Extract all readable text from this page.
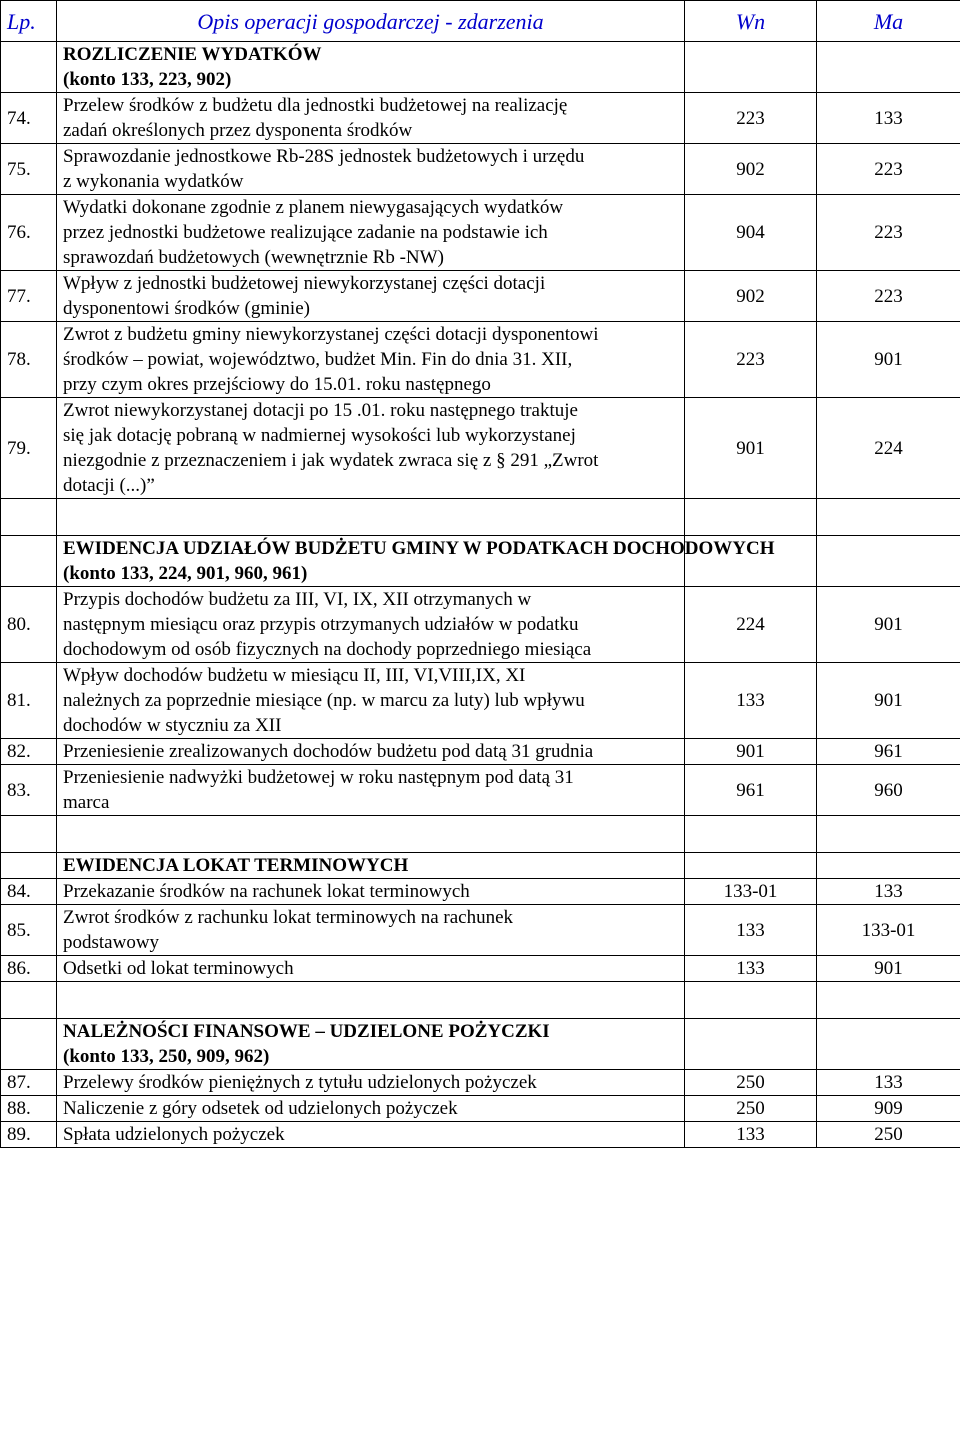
Lp.	Opis operacji gospodarczej - zdarzenia	Wn	Ma

	ROZLICZENIE WYDATKÓW
(konto 133, 223, 902)		

74.	Przelew środków z budżetu dla jednostki budżetowej na realizację
zadań określonych przez dysponenta środków	223	133
75.	Sprawozdanie jednostkowe Rb-28S jednostek budżetowych i urzędu
z wykonania wydatków	902	223
76.	Wydatki dokonane zgodnie z planem niewygasających wydatków
przez jednostki budżetowe realizujące zadanie na podstawie ich
sprawozdań budżetowych (wewnętrznie Rb -NW)	904	223
77.	Wpływ z jednostki budżetowej niewykorzystanej części dotacji
dysponentowi środków (gminie)	902	223
78.	Zwrot z budżetu gminy niewykorzystanej części dotacji dysponentowi
środków – powiat, województwo, budżet Min. Fin do dnia 31. XII,
przy czym okres przejściowy do 15.01. roku następnego	223	901
79.	Zwrot niewykorzystanej dotacji po 15 .01. roku następnego traktuje
się jak dotację pobraną w nadmiernej wysokości lub wykorzystanej
niezgodnie z przeznaczeniem i jak wydatek zwraca się z § 291 „Zwrot
dotacji (...)”	901	224

	EWIDENCJA UDZIAŁÓW BUDŻETU GMINY W PODATKACH DOCHODOWYCH
(konto 133, 224, 901, 960, 961)		

80.	Przypis dochodów budżetu za III, VI, IX, XII otrzymanych w
następnym miesiącu oraz przypis otrzymanych udziałów w podatku
dochodowym od osób fizycznych na dochody poprzedniego miesiąca	224	901
81.	Wpływ dochodów budżetu w miesiącu II, III, VI,VIII,IX, XI
należnych za poprzednie miesiące (np. w marcu za luty) lub wpływu
dochodów w styczniu za XII	133	901
82.	Przeniesienie zrealizowanych dochodów budżetu pod datą 31 grudnia	901	961
83.	Przeniesienie nadwyżki budżetowej w roku następnym pod datą 31
marca	961	960

	EWIDENCJA LOKAT TERMINOWYCH		

84.	Przekazanie środków na rachunek lokat terminowych	133-01	133
85.	Zwrot środków z rachunku lokat terminowych na rachunek
podstawowy	133	133-01
86.	Odsetki od lokat terminowych	133	901

	NALEŻNOŚCI FINANSOWE – UDZIELONE POŻYCZKI
(konto 133, 250, 909, 962)		

87.	Przelewy środków pieniężnych z tytułu udzielonych pożyczek	250	133
88.	Naliczenie z góry odsetek od udzielonych pożyczek	250	909
89.	Spłata udzielonych pożyczek	133	250
